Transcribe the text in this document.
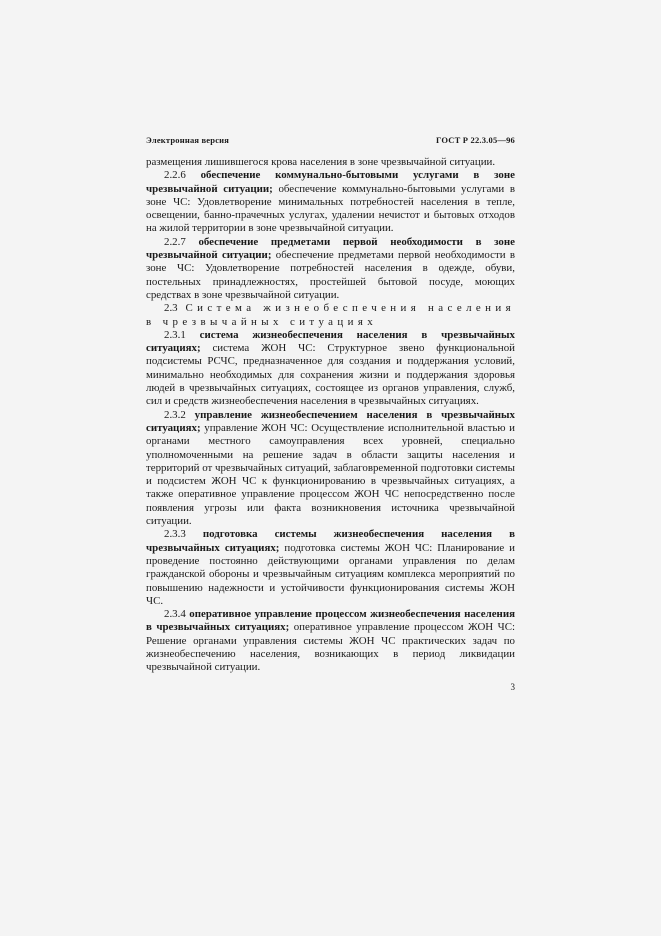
Электронная версия	ГОСТ Р 22.3.05—96

размещения лишившегося крова населения в зоне чрезвычайной ситуации.

2.2.6 обеспечение коммунально-бытовыми услугами в зоне чрезвычайной ситуации; обеспечение коммунально-бытовыми услугами в зоне ЧС: Удовлетворение минимальных потребностей населения в тепле, освещении, банно-прачечных услугах, удалении нечистот и бытовых отходов на жилой территории в зоне чрезвычайной ситуации.

2.2.7 обеспечение предметами первой необходимости в зоне чрезвычайной ситуации; обеспечение предметами первой необходимости в зоне ЧС: Удовлетворение потребностей населения в одежде, обуви, постельных принадлежностях, простейшей бытовой посуде, моющих средствах в зоне чрезвычайной ситуации.

2.3 Система жизнеобеспечения населения в чрезвычайных ситуациях

2.3.1 система жизнеобеспечения населения в чрезвычайных ситуациях; система ЖОН ЧС: Структурное звено функциональной подсистемы РСЧС, предназначенное для создания и поддержания условий, минимально необходимых для сохранения жизни и поддержания здоровья людей в чрезвычайных ситуациях, состоящее из органов управления, служб, сил и средств жизнеобеспечения населения в чрезвычайных ситуациях.

2.3.2 управление жизнеобеспечением населения в чрезвычайных ситуациях; управление ЖОН ЧС: Осуществление исполнительной властью и органами местного самоуправления всех уровней, специально уполномоченными на решение задач в области защиты населения и территорий от чрезвычайных ситуаций, заблаговременной подготовки системы и подсистем ЖОН ЧС к функционированию в чрезвычайных ситуациях, а также оперативное управление процессом ЖОН ЧС непосредственно после появления угрозы или факта возникновения источника чрезвычайной ситуации.

2.3.3 подготовка системы жизнеобеспечения населения в чрезвычайных ситуациях; подготовка системы ЖОН ЧС: Планирование и проведение постоянно действующими органами управления по делам гражданской обороны и чрезвычайным ситуациям комплекса мероприятий по повышению надежности и устойчивости функционирования системы ЖОН ЧС.

2.3.4 оперативное управление процессом жизнеобеспечения населения в чрезвычайных ситуациях; оперативное управление процессом ЖОН ЧС: Решение органами управления системы ЖОН ЧС практических задач по жизнеобеспечению населения, возникающих в период ликвидации чрезвычайной ситуации.

3
